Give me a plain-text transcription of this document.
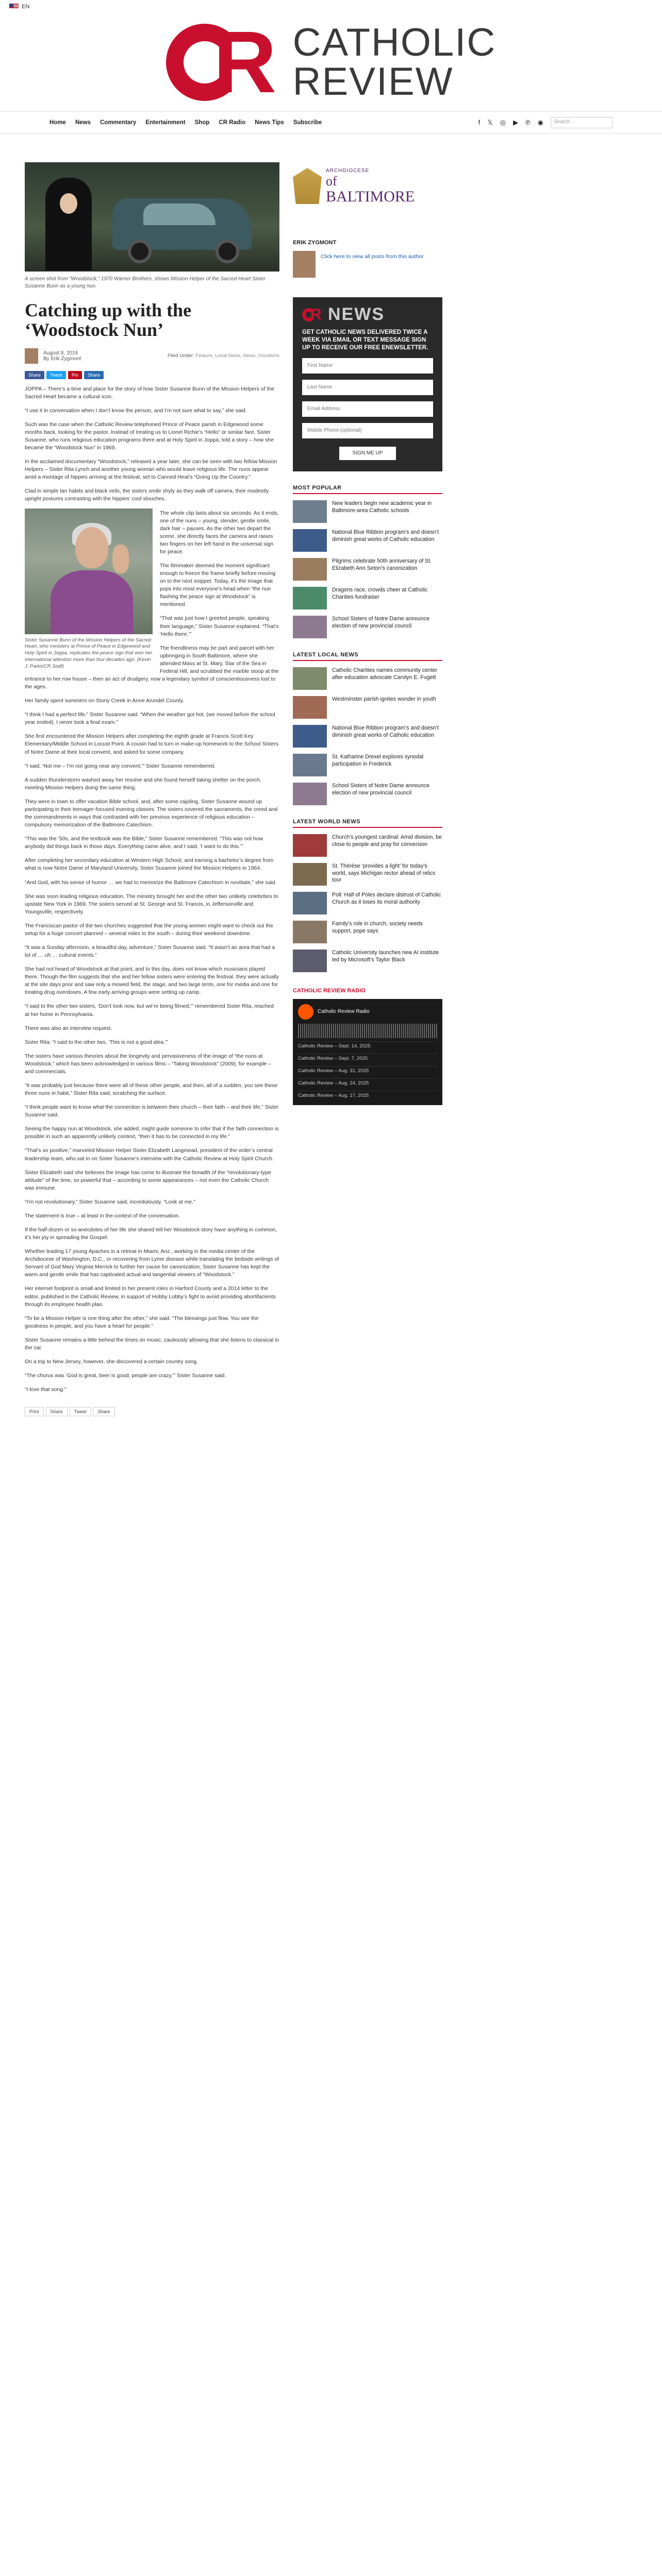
EN
R CATHOLIC
REVIEW
Home News Commentary Entertainment Shop CR Radio News Tips Subscribe	f 𝕏 ◎ ▶ ℗ ◉	Search
A screen shot from “Woodstock,” 1970 Warner Brothers, shows Mission Helper of the Sacred Heart Sister Susanne Bunn as a young nun.
Catching up with the ‘Woodstock Nun’
August 8, 2016
By Erik Zygmont	Filed Under: Feature, Local News, News, Vocations
Share	Tweet	Pin	Share

JOPPA – There’s a time and place for the story of how Sister Susanne Bunn of the Mission Helpers of the Sacred Heart became a cultural icon.

“I use it in conversation when I don’t know the person, and I’m not sure what to say,” she said.

Such was the case when the Catholic Review telephoned Prince of Peace parish in Edgewood some months back, looking for the pastor. Instead of treating us to Lionel Richie’s “Hello” or similar fare, Sister Susanne, who runs religious education programs there and at Holy Spirit in Joppa, told a story – how she became the “Woodstock Nun” in 1969.

In the acclaimed documentary “Woodstock,” released a year later, she can be seen with two fellow Mission Helpers – Sister Rita Lynch and another young woman who would leave religious life. The nuns appear amid a montage of hippies arriving at the festival, set to Canned Heat’s “Going Up the Country.”

Clad in simple tan habits and black veils, the sisters smile shyly as they walk off camera, their modestly upright postures contrasting with the hippies’ cool slouches.

Sister Susanne Bunn of the Mission Helpers of the Sacred Heart, who ministers at Prince of Peace in Edgewood and Holy Spirit in Joppa, replicates the peace sign that won her international attention more than four decades ago. (Kevin J. Parks/CR Staff)

The whole clip lasts about six seconds. As it ends, one of the nuns – young, slender, gentle smile, dark hair – pauses. As the other two depart the scene, she directly faces the camera and raises two fingers on her left hand in the universal sign for peace.

The filmmaker deemed the moment significant enough to freeze the frame briefly before moving on to the next snippet. Today, it’s the image that pops into most everyone’s head when “the nun flashing the peace sign at Woodstock” is mentioned.

“That was just how I greeted people, speaking their language,” Sister Susanne explained. “That’s ‘Hello there.’”

The friendliness may be part and parcel with her upbringing in South Baltimore, where she attended Mass at St. Mary, Star of the Sea in Federal Hill, and scrubbed the marble stoop at the entrance to her row house – then an act of drudgery, now a legendary symbol of conscientiousness lost to the ages.

Her family spent summers on Stony Creek in Anne Arundel County.

“I think I had a perfect life,” Sister Susanne said. “When the weather got hot, (we moved before the school year ended). I never took a final exam.”

She first encountered the Mission Helpers after completing the eighth grade at Francis Scott Key Elementary/Middle School in Locust Point. A cousin had to turn in make-up homework to the School Sisters of Notre Dame at their local convent, and asked for some company.

“I said, ‘Not me – I’m not going near any convent,’” Sister Susanne remembered.

A sudden thunderstorm washed away her resolve and she found herself taking shelter on the porch, meeting Mission Helpers doing the same thing.

They were in town to offer vacation Bible school, and, after some cajoling, Sister Susanne wound up participating in their teenager-focused evening classes. The sisters covered the sacraments, the creed and the commandments in ways that contrasted with her previous experience of religious education – compulsory memorization of the Baltimore Catechism.

“This was the ’50s, and the textbook was the Bible,” Sister Susanne remembered. “This was not how anybody did things back in those days. Everything came alive, and I said, ‘I want to do this.’”

After completing her secondary education at Western High School, and earning a bachelor’s degree from what is now Notre Dame of Maryland University, Sister Susanne joined the Mission Helpers in 1964.

“And God, with his sense of humor … we had to memorize the Baltimore Catechism in novitiate,” she said.

She was soon leading religious education. The ministry brought her and the other two unlikely celebrities to upstate New York in 1969. The sisters served at St. George and St. Francis, in Jeffersonville and Youngsville, respectively.

The Franciscan pastor of the two churches suggested that the young women might want to check out the setup for a huge concert planned – several miles to the south – during their weekend downtime.

“It was a Sunday afternoon, a beautiful day, adventure,” Sister Susanne said. “It wasn’t an area that had a lot of … uh … cultural events.”

She had not heard of Woodstock at that point, and to this day, does not know which musicians played there. Though the film suggests that she and her fellow sisters were entering the festival, they were actually at the site days prior and saw only a mowed field, the stage, and two large tents, one for media and one for treating drug overdoses. A few early arriving groups were setting up camp.

“I said to the other two sisters, ‘Don’t look now, but we’re being filmed,’” remembered Sister Rita, reached at her home in Pennsylvania.

There was also an interview request.

Sister Rita: “I said to the other two, ‘This is not a good idea.’”

The sisters have various theories about the longevity and pervasiveness of the image of “the nuns at Woodstock,” which has been acknowledged in various films – “Taking Woodstock” (2009), for example – and commercials.

“It was probably just because there were all of these other people, and then, all of a sudden, you see these three nuns in habit,” Sister Rita said, scratching the surface.

“I think people want to know what the connection is between their church – their faith – and their life,” Sister Susanne said.

Seeing the happy nun at Woodstock, she added, might guide someone to infer that if the faith connection is possible in such an apparently unlikely context, “then it has to be connected in my life.”

“That’s so positive,” marveled Mission Helper Sister Elizabeth Langmead, president of the order’s central leadership team, who sat in on Sister Susanne’s interview with the Catholic Review at Holy Spirit Church.

Sister Elizabeth said she believes the image has come to illustrate the breadth of the “revolutionary-type attitude” of the time, so powerful that – according to some appearances – not even the Catholic Church was immune.

“I’m not revolutionary,” Sister Susanne said, incredulously. “Look at me.”

The statement is true – at least in the context of the conversation.

If the half-dozen or so anecdotes of her life she shared tell her Woodstock story have anything in common, it’s her joy in spreading the Gospel.

Whether leading 17 young Apaches in a retreat in Miami, Ariz., working in the media center of the Archdiocese of Washington, D.C., or recovering from Lyme disease while translating the bedside writings of Servant of God Mary Virginia Merrick to further her cause for canonization, Sister Susanne has kept the warm and gentle smile that has captivated actual and tangential viewers of “Woodstock.”

Her internet footprint is small and limited to her present roles in Harford County and a 2014 letter to the editor, published in the Catholic Review, in support of Hobby Lobby’s fight to avoid providing abortifacients through its employee health plan.

“To be a Mission Helper is one thing after the other,” she said. “The blessings just flow. You see the goodness in people, and you have a heart for people.”

Sister Susanne remains a little behind the times on music, cautiously allowing that she listens to classical in the car.

On a trip to New Jersey, however, she discovered a certain country song.

“The chorus was ‘God is great, beer is good; people are crazy,’” Sister Susanne said.

“I love that song.”

Print	Share	Tweet	Share
ARCHDIOCESE
of
BALTIMORE
ERIK ZYGMONT
Click here to view all posts from this author
R NEWS
GET CATHOLIC NEWS DELIVERED TWICE A WEEK VIA EMAIL OR TEXT MESSAGE SIGN UP TO RECEIVE OUR FREE ENEWSLETTER.
First Name
Last Name
Email Address
Mobile Phone (optional)
SIGN ME UP
MOST POPULAR
New leaders begin new academic year in Baltimore-area Catholic schools
National Blue Ribbon program’s and doesn’t diminish great works of Catholic education
Pilgrims celebrate 50th anniversary of St. Elizabeth Ann Seton’s canonization
Dragons race, crowds cheer at Catholic Charities fundraiser
School Sisters of Notre Dame announce election of new provincial council
LATEST LOCAL NEWS
Catholic Charities names community center after education advocate Carolyn E. Fugett
Westminster parish ignites wonder in youth
National Blue Ribbon program’s and doesn’t diminish great works of Catholic education
St. Katharine Drexel explores synodal participation in Frederick
School Sisters of Notre Dame announce election of new provincial council
LATEST WORLD NEWS
Church’s youngest cardinal: Amid division, be close to people and pray for conversion
St. Thérèse ‘provides a light’ for today’s world, says Michigan rector ahead of relics tour
Poll: Half of Poles declare distrust of Catholic Church as it loses its moral authority
Family’s role in church, society needs support, pope says
Catholic University launches new AI institute led by Microsoft’s Taylor Black
CATHOLIC REVIEW RADIO
Catholic Review Radio
Catholic Review – Sept. 14, 2025
Catholic Review – Sept. 7, 2025
Catholic Review – Aug. 31, 2025
Catholic Review – Aug. 24, 2025
Catholic Review – Aug. 17, 2025
